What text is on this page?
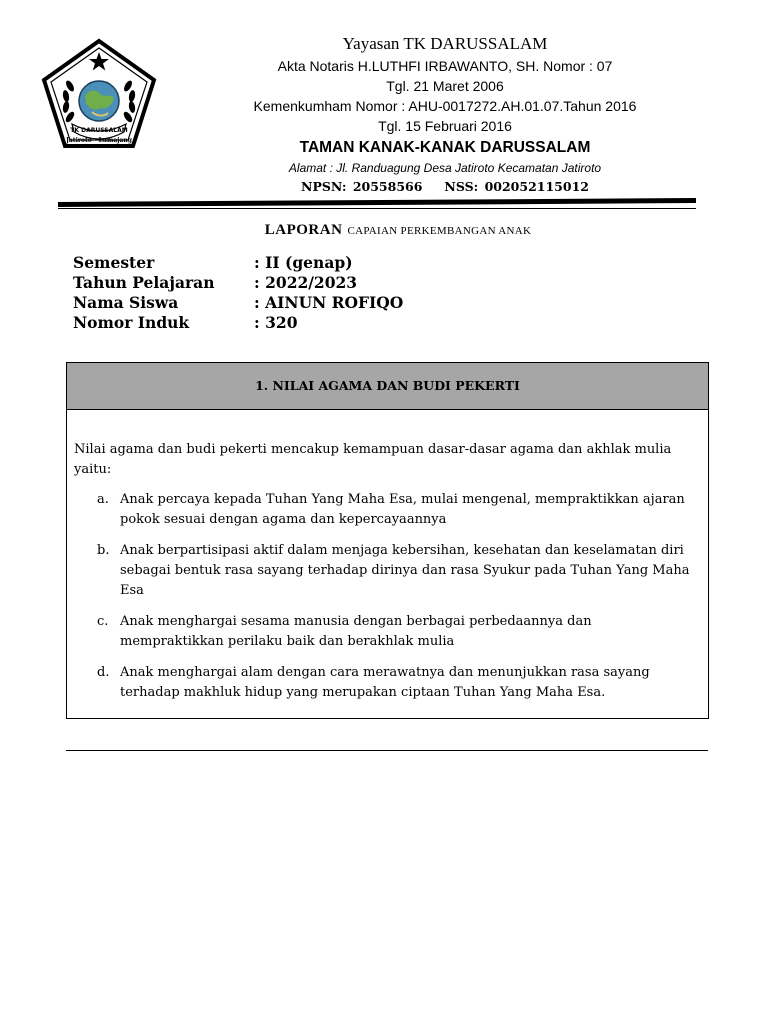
TK DARUSSALAM
Jatiroto - Lumajang
Yayasan TK DARUSSALAM
Akta Notaris H.LUTHFI IRBAWANTO, SH. Nomor : 07
Tgl. 21 Maret 2006
Kemenkumham Nomor : AHU-0017272.AH.01.07.Tahun 2016
Tgl. 15 Februari 2016
TAMAN KANAK-KANAK DARUSSALAM
Alamat : Jl. Randuagung Desa Jatiroto Kecamatan Jatiroto
NPSN: 20558566 NSS: 002052115012
LAPORAN CAPAIAN PERKEMBANGAN ANAK
Semester	: II (genap)
Tahun Pelajaran	: 2022/2023
Nama Siswa	: AINUN ROFIQO
Nomor Induk	: 320
1. NILAI AGAMA DAN BUDI PEKERTI

Nilai agama dan budi pekerti mencakup kemampuan dasar-dasar agama dan akhlak mulia yaitu:

a. Anak percaya kepada Tuhan Yang Maha Esa, mulai mengenal, mempraktikkan ajaran pokok sesuai dengan agama dan kepercayaannya
b. Anak berpartisipasi aktif dalam menjaga kebersihan, kesehatan dan keselamatan diri sebagai bentuk rasa sayang terhadap dirinya dan rasa Syukur pada Tuhan Yang Maha Esa
c. Anak menghargai sesama manusia dengan berbagai perbedaannya dan mempraktikkan perilaku baik dan berakhlak mulia
d. Anak menghargai alam dengan cara merawatnya dan menunjukkan rasa sayang terhadap makhluk hidup yang merupakan ciptaan Tuhan Yang Maha Esa.
